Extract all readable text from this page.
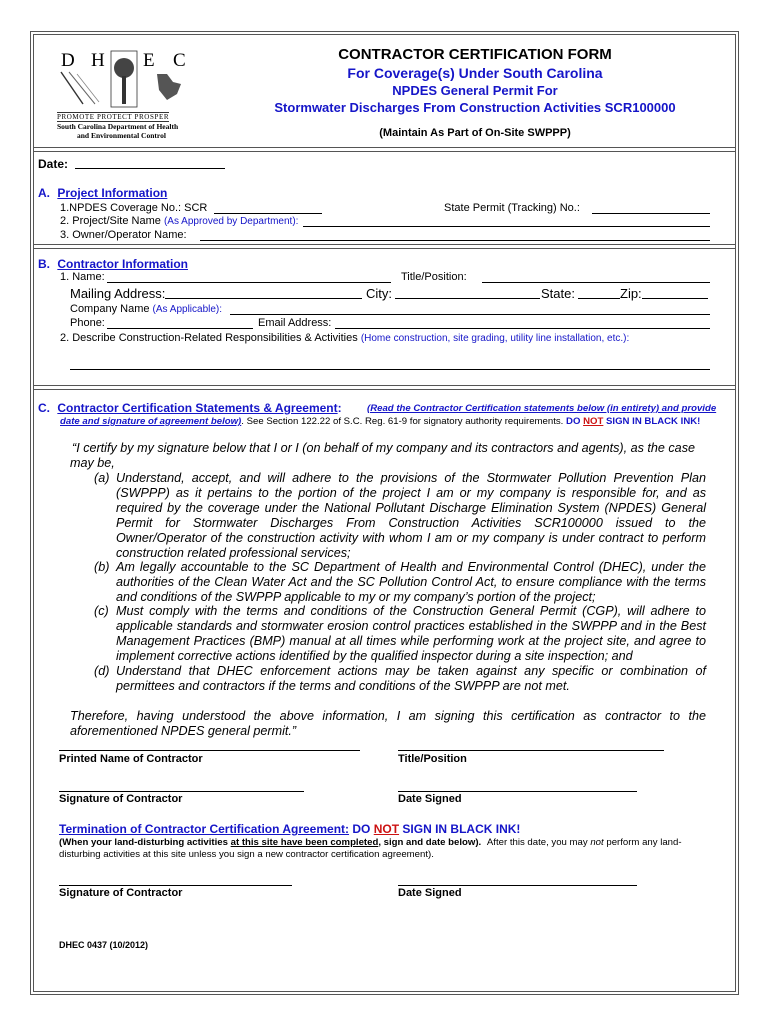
D H E C
PROMOTE PROTECT PROSPER
South Carolina Department of Health
and Environmental Control
CONTRACTOR CERTIFICATION FORM
For Coverage(s) Under South Carolina
NPDES General Permit For
Stormwater Discharges From Construction Activities SCR100000
(Maintain As Part of On-Site SWPPP)
Date:
A. Project Information
1.NPDES Coverage No.: SCR	State Permit (Tracking) No.:
2. Project/Site Name (As Approved by Department):
3. Owner/Operator Name:
B. Contractor Information
1. Name:	Title/Position:
Mailing Address:	City:	State:	Zip:
Company Name (As Applicable):
Phone:	Email Address:
2. Describe Construction-Related Responsibilities & Activities (Home construction, site grading, utility line installation, etc.):
C. Contractor Certification Statements & Agreement:	(Read the Contractor Certification statements below (in entirety) and provide
date and signature of agreement below). See Section 122.22 of S.C. Reg. 61-9 for signatory authority requirements. DO NOT SIGN IN BLACK INK!
“I certify by my signature below that I or I (on behalf of my company and its contractors and agents), as the case
may be,
(a) Understand, accept, and will adhere to the provisions of the Stormwater Pollution Prevention Plan
(SWPPP) as it pertains to the portion of the project I am or my company is responsible for, and as
required by the coverage under the National Pollutant Discharge Elimination System (NPDES) General
Permit for Stormwater Discharges From Construction Activities SCR100000 issued to the
Owner/Operator of the construction activity with whom I am or my company is under contract to perform
construction related professional services;
(b) Am legally accountable to the SC Department of Health and Environmental Control (DHEC), under the
authorities of the Clean Water Act and the SC Pollution Control Act, to ensure compliance with the terms
and conditions of the SWPPP applicable to my or my company’s portion of the project;
(c) Must comply with the terms and conditions of the Construction General Permit (CGP), will adhere to
applicable standards and stormwater erosion control practices established in the SWPPP and in the Best
Management Practices (BMP) manual at all times while performing work at the project site, and agree to
implement corrective actions identified by the qualified inspector during a site inspection; and
(d) Understand that DHEC enforcement actions may be taken against any specific or combination of
permittees and contractors if the terms and conditions of the SWPPP are not met.
Therefore, having understood the above information, I am signing this certification as contractor to the
aforementioned NPDES general permit.”
Printed Name of Contractor	Title/Position
Signature of Contractor	Date Signed
Termination of Contractor Certification Agreement: DO NOT SIGN IN BLACK INK!
(When your land-disturbing activities at this site have been completed, sign and date below). After this date, you may not perform any land-
disturbing activities at this site unless you sign a new contractor certification agreement).
Signature of Contractor	Date Signed
DHEC 0437 (10/2012)
